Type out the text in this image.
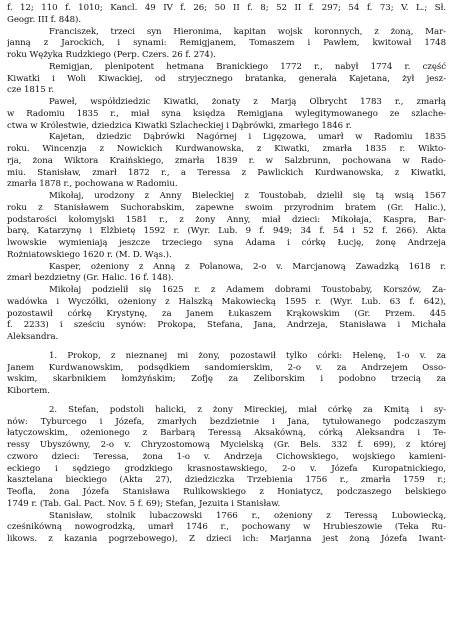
f. 12; 110 f. 1010; Kancl. 49 IV f. 26; 50 II f. 8; 52 II f. 297; 54 f. 73; V. L.; Sł.
Geogr. III f. 848).

Franciszek, trzeci syn Hieronima, kapitan wojsk koronnych, z żoną, Mar-
janną z Jarockich, i synami: Remigjanem, Tomaszem i Pawłem, kwitował 1748
roku Wężyka Rudzkiego (Perp. Czers. 26 f. 274).

Remigjan, plenipotent hetmana Branickiego 1772 r., nabył 1774 r. część
Kiwatki i Woli Kiwackiej, od stryjecznego bratanka, generała Kajetana, żył jesz-
cze 1815 r.

Paweł, współdziedzic Kiwatki, żonaty z Marją Olbrycht 1783 r., zmarłą
w Radomiu 1835 r., miał syna księdza Remigjana wylegitymowanego ze szlache-
ctwa w Królestwie, dziedzica Kiwatki Szlacheckiej i Dąbrówki, zmarłego 1846 r.

Kajetan, dziedzic Dąbrówki Nagórnej i Ligęzowa, umarł w Radomiu 1835
roku. Wincenzja z Nowickich Kurdwanowska, z Kiwatki, zmarła 1835 r. Wikto-
rja, żona Wiktora Kraińskiego, zmarła 1839 r. w Salzbrunn, pochowana w Rado-
miu. Stanisław, zmarł 1872 r., a Teressa z Pawlickich Kurdwanowska, z Kiwatki,
zmarła 1878 r., pochowana w Radomiu.

Mikołaj, urodzony z Anny Bieleckiej z Toustobab, dzielił się tą wsią 1567
roku z Stanisławem Suchorabskim, zapewne swoim przyrodnim bratem (Gr. Halic.),
podstarości kołomyjski 1581 r., z żony Anny, miał dzieci: Mikołaja, Kaspra, Bar-
barę, Katarzynę i Elżbietę 1592 r. (Wyr. Lub. 9 f. 949; 34 f. 54 i 52 f. 266). Akta
lwowskie wymieniają jeszcze trzeciego syna Adama i córkę Łucję, żonę Andrzeja
Rożniatowskiego 1620 r. (M. D. Wąs.).

Kasper, ożeniony z Anną z Polanowa, 2-o v. Marcjanową Zawadzką 1618 r.
zmarł bezdzietny (Gr. Halic. 16 f. 148).

Mikołaj podzielił się 1625 r. z Adamem dobrami Toustobaby, Korszów, Za-
wadówka i Wyczółki, ożeniony z Halszką Makowiecką 1595 r. (Wyr. Lub. 63 f. 642),
pozostawił córkę Krystynę, za Janem Łukaszem Krąkowskim (Gr. Przem. 445
f. 2233) i sześciu synów: Prokopa, Stefana, Jana, Andrzeja, Stanisława i Michała
Aleksandra.

1. Prokop, z nieznanej mi żony, pozostawił tylko córki: Helenę, 1-o v. za
Janem Kurdwanowskim, podsędkiem sandomierskim, 2-o v. za Andrzejem Osso-
wskim, skarbnikiem łomżyńskim; Zofję za Żeliborskim i podobno trzecią za
Kibortem.

2. Stefan, podstoli halicki, z żony Mireckiej, miał córkę za Kmitą i sy-
nów: Tyburcego i Józefa, zmarłych bezdzietnie i Jana, tytułowanego podczaszym
łatyczowskim, ożenionego z Barbarą Teressą Aksakówną, córką Aleksandra i Te-
ressy Ubyszówny, 2-o v. Chryzostomową Mycielską (Gr. Bels. 332 f. 699), z której
czworo dzieci: Teressa, żona 1-o v. Andrzeja Cichowskiego, wojskiego kamieni-
eckiego i sędziego grodzkiego krasnostawskiego, 2-o v. Józefa Kuropatnickiego,
kasztelana bieckiego (Akta 27), dziedziczka Trzebienia 1756 r., zmarła 1759 r.;
Teofla, żona Józefa Stanisława Rulikowskiego z Honiatycz, podczaszego belskiego
1749 r. (Tab. Gal. Pact. Nov. 5 f. 69); Stefan, Jezuita i Stanisław.

Stanisław, stolnik lubaczowski 1766 r., ożeniony z Teressą Lubowiecką,
cześnikówną nowogrodzką, umarł 1746 r., pochowany w Hrubieszowie (Teka Ru-
likows. z kazania pogrzebowego), Z dzieci ich: Marjanna jest żoną Józefa Iwant-
